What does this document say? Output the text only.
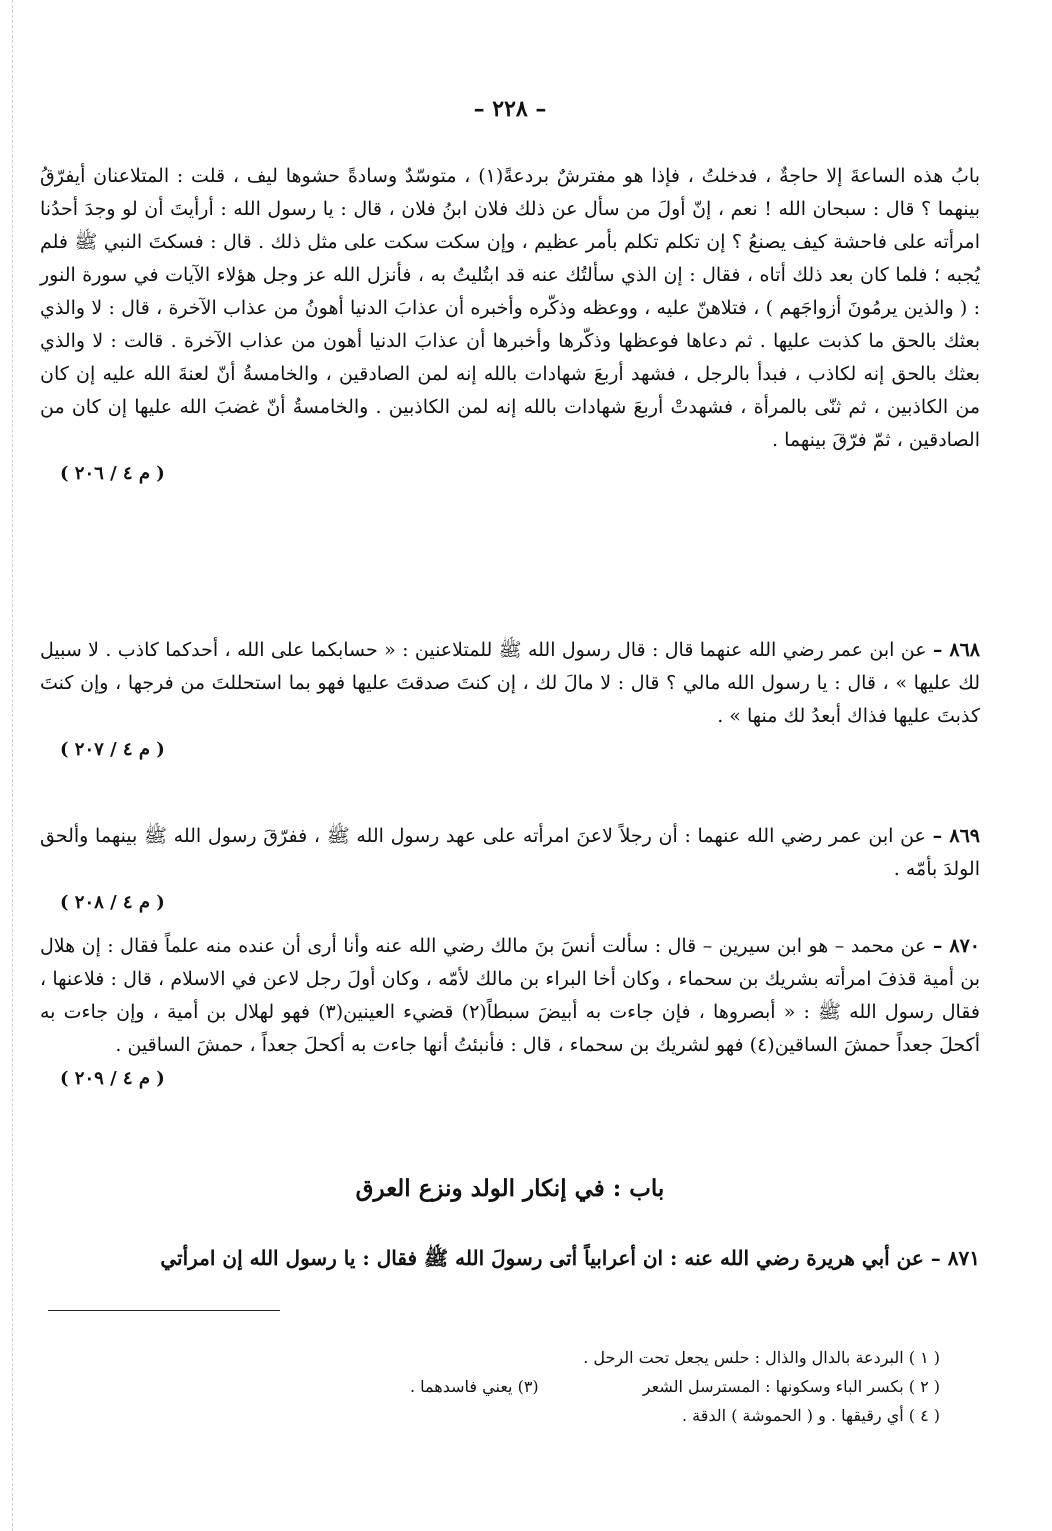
– ٢٢٨ –

بابُ هذه الساعةَ إلا حاجةٌ ، فدخلتُ ، فإذا هو مفترشٌ بردعةً(١) ، متوسّدٌ وسادةً حشوها ليف ، قلت : المتلاعنان أيفرّقُ بينهما ؟ قال : سبحان الله ! نعم ، إنّ أولَ من سأل عن ذلك فلان ابنُ فلان ، قال : يا رسول الله : أرأيتَ أن لو وجدَ أحدُنا امرأته على فاحشة كيف يصنعُ ؟ إن تكلم تكلم بأمر عظيم ، وإن سكت سكت على مثل ذلك . قال : فسكتَ النبي ﷺ فلم يُجبه ؛ فلما كان بعد ذلك أتاه ، فقال : إن الذي سألتُك عنه قد ابتُليتُ به ، فأنزل الله عز وجل هؤلاء الآيات في سورة النور : ( والذين يرمُونَ أزواجَهم ) ، فتلاهنّ عليه ، ووعظه وذكّره وأخبره أن عذابَ الدنيا أهونُ من عذاب الآخرة ، قال : لا والذي بعثك بالحق ما كذبت عليها . ثم دعاها فوعظها وذكّرها وأخبرها أن عذابَ الدنيا أهون من عذاب الآخرة . قالت : لا والذي بعثك بالحق إنه لكاذب ، فبدأ بالرجل ، فشهد أربعَ شهادات بالله إنه لمن الصادقين ، والخامسةُ أنّ لعنةَ الله عليه إن كان من الكاذبين ، ثم ثنّى بالمرأة ، فشهدتْ أربعَ شهادات بالله إنه لمن الكاذبين . والخامسةُ أنّ غضبَ الله عليها إن كان من الصادقين ، ثمّ فرّقَ بينهما .

( م ٤ / ٢٠٦ )

٨٦٨ – عن ابن عمر رضي الله عنهما قال : قال رسول الله ﷺ للمتلاعنين : « حسابكما على الله ، أحدكما كاذب . لا سبيل لك عليها » ، قال : يا رسول الله مالي ؟ قال : لا مالَ لك ، إن كنتَ صدقتَ عليها فهو بما استحللتَ من فرجها ، وإن كنتَ كذبتَ عليها فذاك أبعدُ لك منها » .

( م ٤ / ٢٠٧ )

٨٦٩ – عن ابن عمر رضي الله عنهما : أن رجلاً لاعنَ امرأته على عهد رسول الله ﷺ ، ففرّقَ رسول الله ﷺ بينهما وألحق الولدَ بأمّه .

( م ٤ / ٢٠٨ )

٨٧٠ – عن محمد – هو ابن سيرين – قال : سألت أنسَ بنَ مالك رضي الله عنه وأنا أرى أن عنده منه علماً فقال : إن هلال بن أمية قذفَ امرأته بشريك بن سحماء ، وكان أخا البراء بن مالك لأمّه ، وكان أولَ رجل لاعن في الاسلام ، قال : فلاعنها ، فقال رسول الله ﷺ : « أبصروها ، فإن جاءت به أبيضَ سبطاً(٢) قضيء العينين(٣) فهو لهلال بن أمية ، وإن جاءت به أكحلَ جعداً حمشَ الساقين(٤) فهو لشريك بن سحماء ، قال : فأنبئتُ أنها جاءت به أكحلَ جعداً ، حمشَ الساقين .

( م ٤ / ٢٠٩ )
باب : في إنكار الولد ونزع العرق

٨٧١ – عن أبي هريرة رضي الله عنه : ان أعرابياً أتى رسولَ الله ﷺ فقال : يا رسول الله إن امرأتي

( ١ ) البردعة بالدال والذال : حلس يجعل تحت الرحل .
( ٢ ) بكسر الباء وسكونها : المسترسل الشعر
(٣) يعني فاسدهما .
( ٤ ) أي رقيقها . و ( الحموشة ) الدقة .
